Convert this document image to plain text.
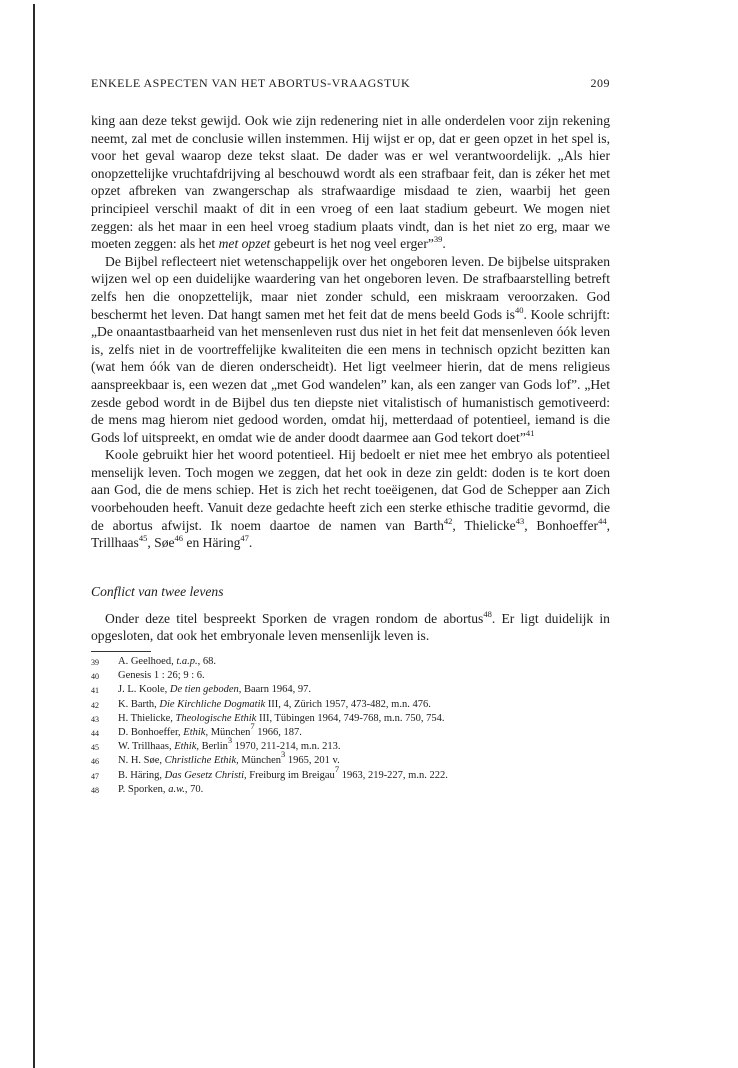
ENKELE ASPECTEN VAN HET ABORTUS-VRAAGSTUK	209

king aan deze tekst gewijd. Ook wie zijn redenering niet in alle onderdelen voor zijn rekening neemt, zal met de conclusie willen instemmen. Hij wijst er op, dat er geen opzet in het spel is, voor het geval waarop deze tekst slaat. De dader was er wel verantwoordelijk. „Als hier onopzettelijke vruchtafdrijving al beschouwd wordt als een strafbaar feit, dan is zéker het met opzet afbreken van zwangerschap als strafwaardige misdaad te zien, waarbij het geen principieel verschil maakt of dit in een vroeg of een laat stadium gebeurt. We mogen niet zeggen: als het maar in een heel vroeg stadium plaats vindt, dan is het niet zo erg, maar we moeten zeggen: als het met opzet gebeurt is het nog veel erger”$^{39}$.

De Bijbel reflecteert niet wetenschappelijk over het ongeboren leven. De bijbelse uitspraken wijzen wel op een duidelijke waardering van het ongeboren leven. De strafbaarstelling betreft zelfs hen die onopzettelijk, maar niet zonder schuld, een miskraam veroorzaken. God beschermt het leven. Dat hangt samen met het feit dat de mens beeld Gods is$^{40}$. Koole schrijft: „De onaantastbaarheid van het mensenleven rust dus niet in het feit dat mensenleven óók leven is, zelfs niet in de voortreffelijke kwaliteiten die een mens in technisch opzicht bezitten kan (wat hem óók van de dieren onderscheidt). Het ligt veelmeer hierin, dat de mens religieus aanspreekbaar is, een wezen dat „met God wandelen” kan, als een zanger van Gods lof”. „Het zesde gebod wordt in de Bijbel dus ten diepste niet vitalistisch of humanistisch gemotiveerd: de mens mag hierom niet gedood worden, omdat hij, metterdaad of potentieel, iemand is die Gods lof uitspreekt, en omdat wie de ander doodt daarmee aan God tekort doet”$^{41}$

Koole gebruikt hier het woord potentieel. Hij bedoelt er niet mee het embryo als potentieel menselijk leven. Toch mogen we zeggen, dat het ook in deze zin geldt: doden is te kort doen aan God, die de mens schiep. Het is zich het recht toeëigenen, dat God de Schepper aan Zich voorbehouden heeft. Vanuit deze gedachte heeft zich een sterke ethische traditie gevormd, die de abortus afwijst. Ik noem daartoe de namen van Barth$^{42}$, Thielicke$^{43}$, Bonhoeffer$^{44}$, Trillhaas$^{45}$, Søe$^{46}$ en Häring$^{47}$.

Conflict van twee levens

Onder deze titel bespreekt Sporken de vragen rondom de abortus$^{48}$. Er ligt duidelijk in opgesloten, dat ook het embryonale leven mensenlijk leven is.

39	A. Geelhoed, t.a.p., 68.
40	Genesis 1 : 26; 9 : 6.
41	J. L. Koole, De tien geboden, Baarn 1964, 97.
42	K. Barth, Die Kirchliche Dogmatik III, 4, Zürich 1957, 473-482, m.n. 476.
43	H. Thielicke, Theologische Ethik III, Tübingen 1964, 749-768, m.n. 750, 754.
44	D. Bonhoeffer, Ethik, München$^7$ 1966, 187.
45	W. Trillhaas, Ethik, Berlin$^3$ 1970, 211-214, m.n. 213.
46	N. H. Søe, Christliche Ethik, München$^3$ 1965, 201 v.
47	B. Häring, Das Gesetz Christi, Freiburg im Breigau$^7$ 1963, 219-227, m.n. 222.
48	P. Sporken, a.w., 70.
